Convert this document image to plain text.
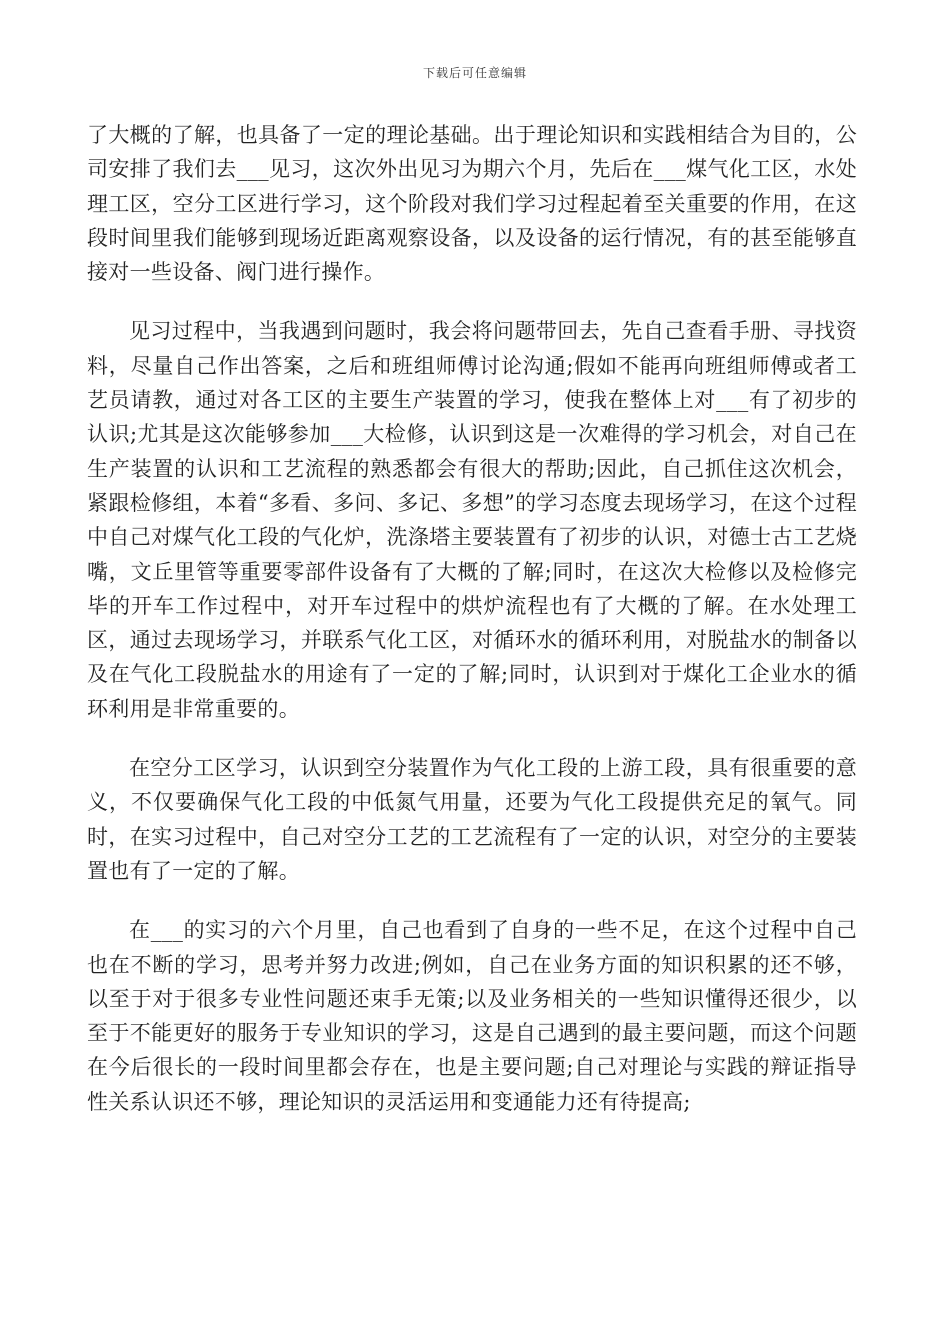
下载后可任意编辑

了大概的了解，也具备了一定的理论基础。出于理论知识和实践相结合为目的，公司安排了我们去___见习，这次外出见习为期六个月，先后在___煤气化工区，水处理工区，空分工区进行学习，这个阶段对我们学习过程起着至关重要的作用，在这段时间里我们能够到现场近距离观察设备，以及设备的运行情况，有的甚至能够直接对一些设备、阀门进行操作。

见习过程中，当我遇到问题时，我会将问题带回去，先自己查看手册、寻找资料，尽量自己作出答案，之后和班组师傅讨论沟通;假如不能再向班组师傅或者工艺员请教，通过对各工区的主要生产装置的学习，使我在整体上对___有了初步的认识;尤其是这次能够参加___大检修，认识到这是一次难得的学习机会，对自己在生产装置的认识和工艺流程的熟悉都会有很大的帮助;因此，自己抓住这次机会，紧跟检修组，本着“多看、多问、多记、多想”的学习态度去现场学习，在这个过程中自己对煤气化工段的气化炉，洗涤塔主要装置有了初步的认识，对德士古工艺烧嘴，文丘里管等重要零部件设备有了大概的了解;同时，在这次大检修以及检修完毕的开车工作过程中，对开车过程中的烘炉流程也有了大概的了解。在水处理工区，通过去现场学习，并联系气化工区，对循环水的循环利用，对脱盐水的制备以及在气化工段脱盐水的用途有了一定的了解;同时，认识到对于煤化工企业水的循环利用是非常重要的。

在空分工区学习，认识到空分装置作为气化工段的上游工段，具有很重要的意义，不仅要确保气化工段的中低氮气用量，还要为气化工段提供充足的氧气。同时，在实习过程中，自己对空分工艺的工艺流程有了一定的认识，对空分的主要装置也有了一定的了解。

在___的实习的六个月里，自己也看到了自身的一些不足，在这个过程中自己也在不断的学习，思考并努力改进;例如，自己在业务方面的知识积累的还不够，以至于对于很多专业性问题还束手无策;以及业务相关的一些知识懂得还很少，以至于不能更好的服务于专业知识的学习，这是自己遇到的最主要问题，而这个问题在今后很长的一段时间里都会存在，也是主要问题;自己对理论与实践的辩证指导性关系认识还不够，理论知识的灵活运用和变通能力还有待提高;
